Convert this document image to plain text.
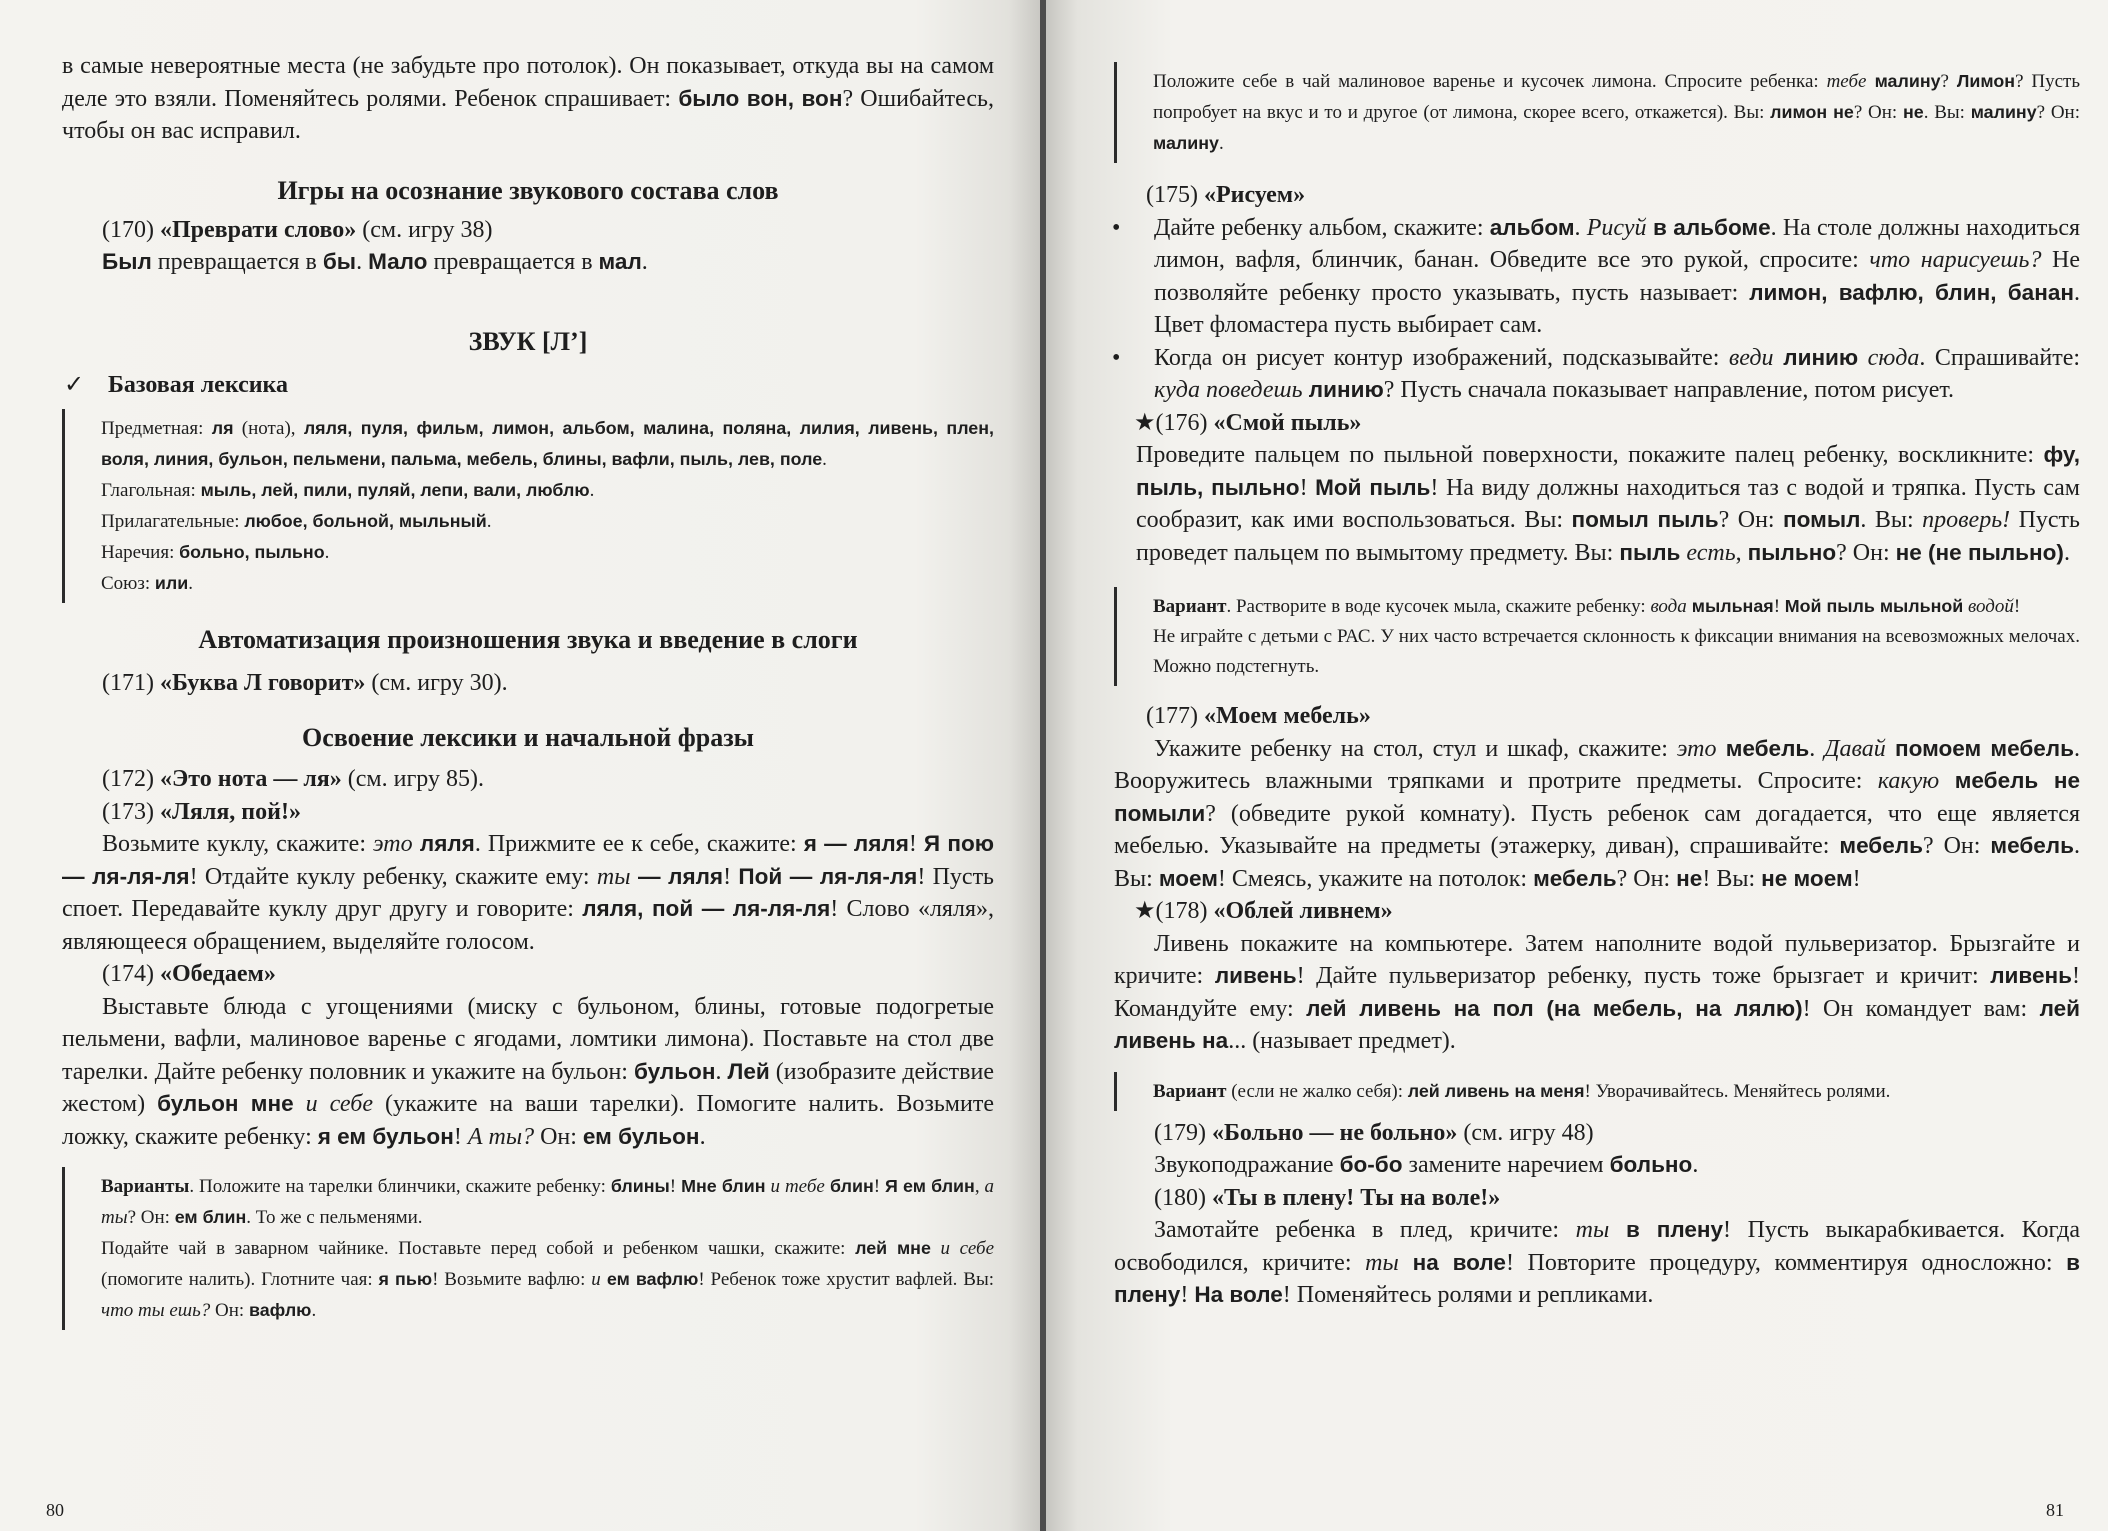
в самые невероятные места (не забудьте про потолок). Он показывает, откуда вы на самом деле это взяли. Поменяйтесь ролями. Ребенок спрашивает: было вон, вон? Ошибайтесь, чтобы он вас исправил.

Игры на осознание звукового состава слов

(170) «Преврати слово» (см. игру 38)

Был превращается в бы. Мало превращается в мал.

ЗВУК [Л’]

✓ Базовая лексика

Предметная: ля (нота), ляля, пуля, фильм, лимон, альбом, малина, поляна, лилия, ливень, плен, воля, линия, бульон, пельмени, пальма, мебель, блины, вафли, пыль, лев, поле.

Глагольная: мыль, лей, пили, пуляй, лепи, вали, люблю.

Прилагательные: любое, больной, мыльный.

Наречия: больно, пыльно.

Союз: или.

Автоматизация произношения звука и введение в слоги

(171) «Буква Л говорит» (см. игру 30).

Освоение лексики и начальной фразы

(172) «Это нота — ля» (см. игру 85).

(173) «Ляля, пой!»

Возьмите куклу, скажите: это ляля. Прижмите ее к себе, скажите: я — ляля! Я пою — ля-ля-ля! Отдайте куклу ребенку, скажите ему: ты — ляля! Пой — ля-ля-ля! Пусть споет. Передавайте куклу друг другу и говорите: ляля, пой — ля-ля-ля! Слово «ляля», являющееся обращением, выделяйте голосом.

(174) «Обедаем»

Выставьте блюда с угощениями (миску с бульоном, блины, готовые подогретые пельмени, вафли, малиновое варенье с ягодами, ломтики лимона). Поставьте на стол две тарелки. Дайте ребенку половник и укажите на бульон: бульон. Лей (изобразите действие жестом) бульон мне и себе (укажите на ваши тарелки). Помогите налить. Возьмите ложку, скажите ребенку: я ем бульон! А ты? Он: ем бульон.

Варианты. Положите на тарелки блинчики, скажите ребенку: блины! Мне блин и тебе блин! Я ем блин, а ты? Он: ем блин. То же с пельменями.

Подайте чай в заварном чайнике. Поставьте перед собой и ребенком чашки, скажите: лей мне и себе (помогите налить). Глотните чая: я пью! Возьмите вафлю: и ем вафлю! Ребенок тоже хрустит вафлей. Вы: что ты ешь? Он: вафлю.

80

Положите себе в чай малиновое варенье и кусочек лимона. Спросите ребенка: тебе малину? Лимон? Пусть попробует на вкус и то и другое (от лимона, скорее всего, откажется). Вы: лимон не? Он: не. Вы: малину? Он: малину.

(175) «Рисуем»

• Дайте ребенку альбом, скажите: альбом. Рисуй в альбоме. На столе должны находиться лимон, вафля, блинчик, банан. Обведите все это рукой, спросите: что нарисуешь? Не позволяйте ребенку просто указывать, пусть называет: лимон, вафлю, блин, банан. Цвет фломастера пусть выбирает сам.

• Когда он рисует контур изображений, подсказывайте: веди линию сюда. Спрашивайте: куда поведешь линию? Пусть сначала показывает направление, потом рисует.

★(176) «Смой пыль»

Проведите пальцем по пыльной поверхности, покажите палец ребенку, воскликните: фу, пыль, пыльно! Мой пыль! На виду должны находиться таз с водой и тряпка. Пусть сам сообразит, как ими воспользоваться. Вы: помыл пыль? Он: помыл. Вы: проверь! Пусть проведет пальцем по вымытому предмету. Вы: пыль есть, пыльно? Он: не (не пыльно).

Вариант. Растворите в воде кусочек мыла, скажите ребенку: вода мыльная! Мой пыль мыльной водой!

Не играйте с детьми с РАС. У них часто встречается склонность к фиксации внимания на всевозможных мелочах. Можно подстегнуть.

(177) «Моем мебель»

Укажите ребенку на стол, стул и шкаф, скажите: это мебель. Давай помоем мебель. Вооружитесь влажными тряпками и протрите предметы. Спросите: какую мебель не помыли? (обведите рукой комнату). Пусть ребенок сам догадается, что еще является мебелью. Указывайте на предметы (этажерку, диван), спрашивайте: мебель? Он: мебель. Вы: моем! Смеясь, укажите на потолок: мебель? Он: не! Вы: не моем!

★(178) «Облей ливнем»

Ливень покажите на компьютере. Затем наполните водой пульверизатор. Брызгайте и кричите: ливень! Дайте пульверизатор ребенку, пусть тоже брызгает и кричит: ливень! Командуйте ему: лей ливень на пол (на мебель, на лялю)! Он командует вам: лей ливень на... (называет предмет).

Вариант (если не жалко себя): лей ливень на меня! Уворачивайтесь. Меняйтесь ролями.

(179) «Больно — не больно» (см. игру 48)

Звукоподражание бо-бо замените наречием больно.

(180) «Ты в плену! Ты на воле!»

Замотайте ребенка в плед, кричите: ты в плену! Пусть выкарабкивается. Когда освободился, кричите: ты на воле! Повторите процедуру, комментируя односложно: в плену! На воле! Поменяйтесь ролями и репликами.

81
